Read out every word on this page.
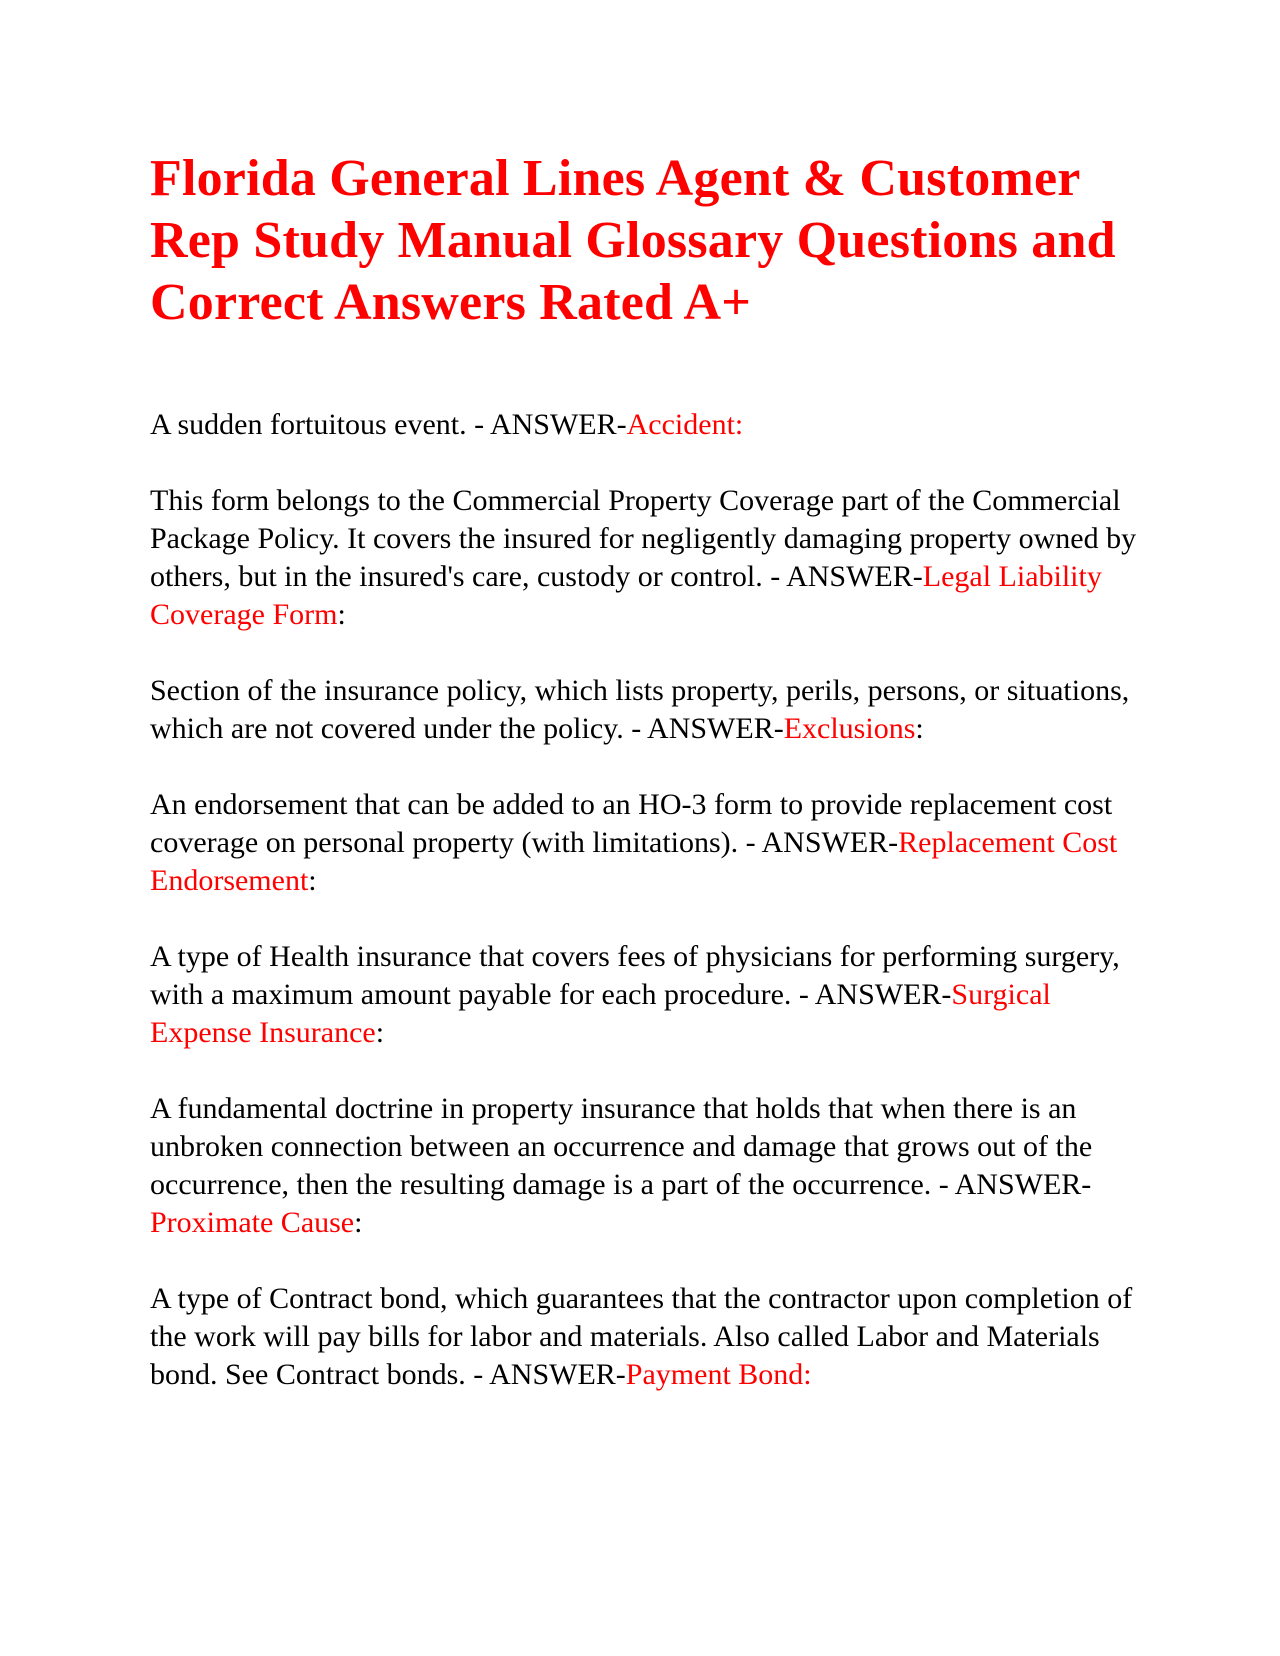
Florida General Lines Agent & Customer Rep Study Manual Glossary Questions and Correct Answers Rated A+

A sudden fortuitous event. - ANSWER-Accident:

This form belongs to the Commercial Property Coverage part of the Commercial Package Policy. It covers the insured for negligently damaging property owned by others, but in the insured's care, custody or control. - ANSWER-Legal Liability Coverage Form:

Section of the insurance policy, which lists property, perils, persons, or situations, which are not covered under the policy. - ANSWER-Exclusions:

An endorsement that can be added to an HO-3 form to provide replacement cost coverage on personal property (with limitations). - ANSWER-Replacement Cost Endorsement:

A type of Health insurance that covers fees of physicians for performing surgery, with a maximum amount payable for each procedure. - ANSWER-Surgical Expense Insurance:

A fundamental doctrine in property insurance that holds that when there is an unbroken connection between an occurrence and damage that grows out of the occurrence, then the resulting damage is a part of the occurrence. - ANSWER-Proximate Cause:

A type of Contract bond, which guarantees that the contractor upon completion of the work will pay bills for labor and materials. Also called Labor and Materials bond. See Contract bonds. - ANSWER-Payment Bond:
